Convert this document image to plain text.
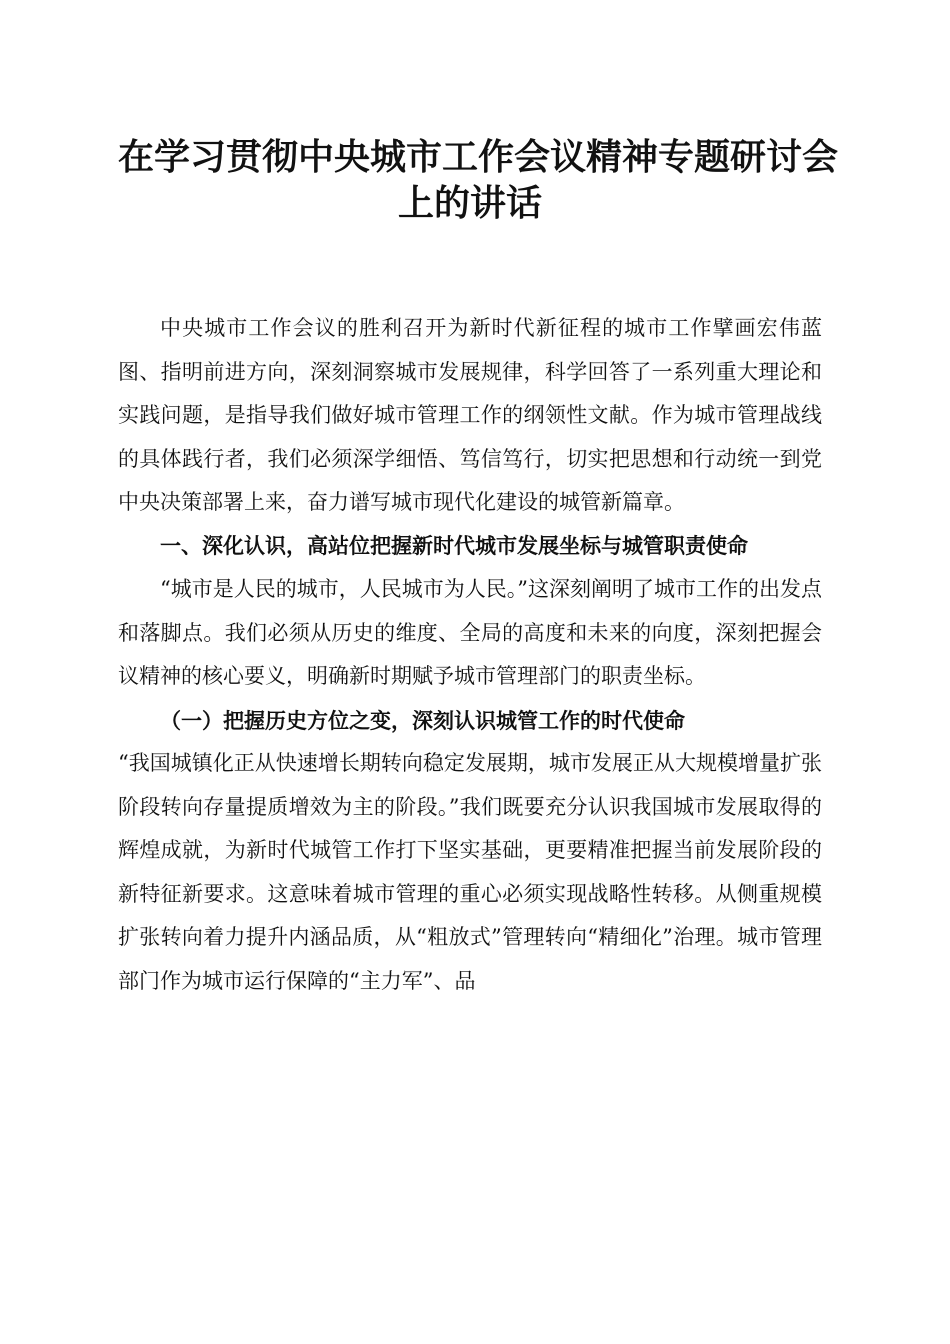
在学习贯彻中央城市工作会议精神专题研讨会
上的讲话

中央城市工作会议的胜利召开为新时代新征程的城市工作擘画宏伟蓝图、指明前进方向，深刻洞察城市发展规律，科学回答了一系列重大理论和实践问题，是指导我们做好城市管理工作的纲领性文献。作为城市管理战线的具体践行者，我们必须深学细悟、笃信笃行，切实把思想和行动统一到党中央决策部署上来，奋力谱写城市现代化建设的城管新篇章。

一、深化认识，高站位把握新时代城市发展坐标与城管职责使命

“城市是人民的城市，人民城市为人民。”这深刻阐明了城市工作的出发点和落脚点。我们必须从历史的维度、全局的高度和未来的向度，深刻把握会议精神的核心要义，明确新时期赋予城市管理部门的职责坐标。

（一）把握历史方位之变，深刻认识城管工作的时代使命

“我国城镇化正从快速增长期转向稳定发展期，城市发展正从大规模增量扩张阶段转向存量提质增效为主的阶段。”我们既要充分认识我国城市发展取得的辉煌成就，为新时代城管工作打下坚实基础，更要精准把握当前发展阶段的新特征新要求。这意味着城市管理的重心必须实现战略性转移。从侧重规模扩张转向着力提升内涵品质，从“粗放式”管理转向“精细化”治理。城市管理部门作为城市运行保障的“主力军”、品
